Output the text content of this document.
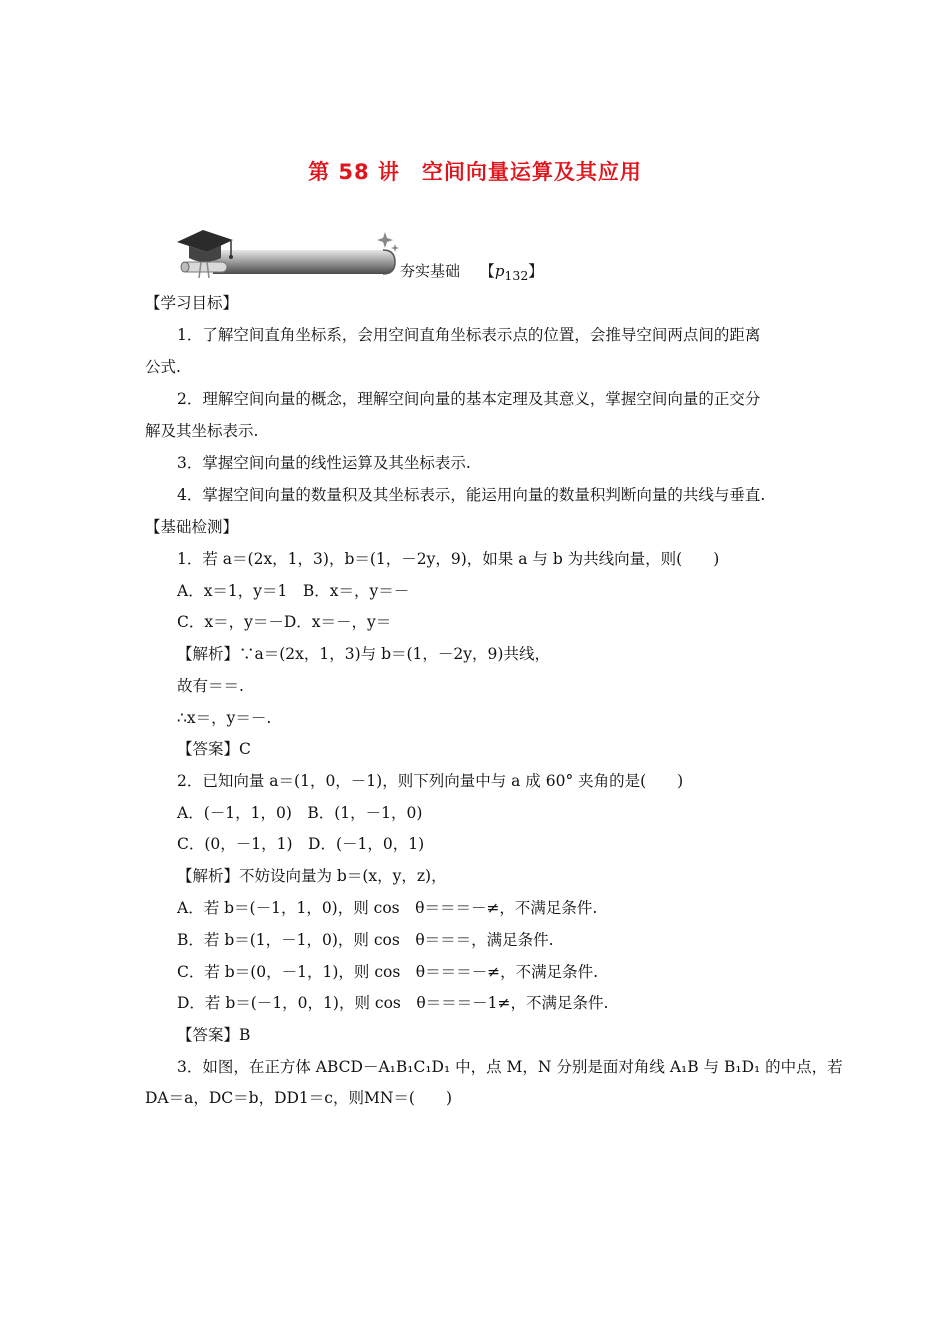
第 58 讲　空间向量运算及其应用
夯实基础　 【$p_{132}$】
【学习目标】
1．了解空间直角坐标系，会用空间直角坐标表示点的位置，会推导空间两点间的距离
公式.
2．理解空间向量的概念，理解空间向量的基本定理及其意义，掌握空间向量的正交分
解及其坐标表示.
3．掌握空间向量的线性运算及其坐标表示.
4．掌握空间向量的数量积及其坐标表示，能运用向量的数量积判断向量的共线与垂直.
【基础检测】
1．若 a＝(2x，1，3)，b＝(1，－2y，9)，如果 a 与 b 为共线向量，则(　　)
A．x＝1，y＝1　B．x＝，y＝－
C．x＝，y＝－D．x＝－，y＝
【解析】∵a＝(2x，1，3)与 b＝(1，－2y，9)共线，
故有＝＝.
∴x＝，y＝－.
【答案】C
2．已知向量 a＝(1，0，－1)，则下列向量中与 a 成 60° 夹角的是(　　)
A．(－1，1，0)　B．(1，－1，0)
C．(0，－1，1)　D．(－1，0，1)
【解析】不妨设向量为 b＝(x，y，z)，
A．若 b＝(－1，1，0)，则 cos　θ＝＝＝－≠，不满足条件.
B．若 b＝(1，－1，0)，则 cos　θ＝＝＝，满足条件.
C．若 b＝(0，－1，1)，则 cos　θ＝＝＝－≠，不满足条件.
D．若 b＝(－1，0，1)，则 cos　θ＝＝＝－1≠，不满足条件.
【答案】B
3．如图，在正方体 ABCD－A₁B₁C₁D₁ 中，点 M，N 分别是面对角线 A₁B 与 B₁D₁ 的中点，若
DA＝a，DC＝b，DD1＝c，则MN＝(　　)
